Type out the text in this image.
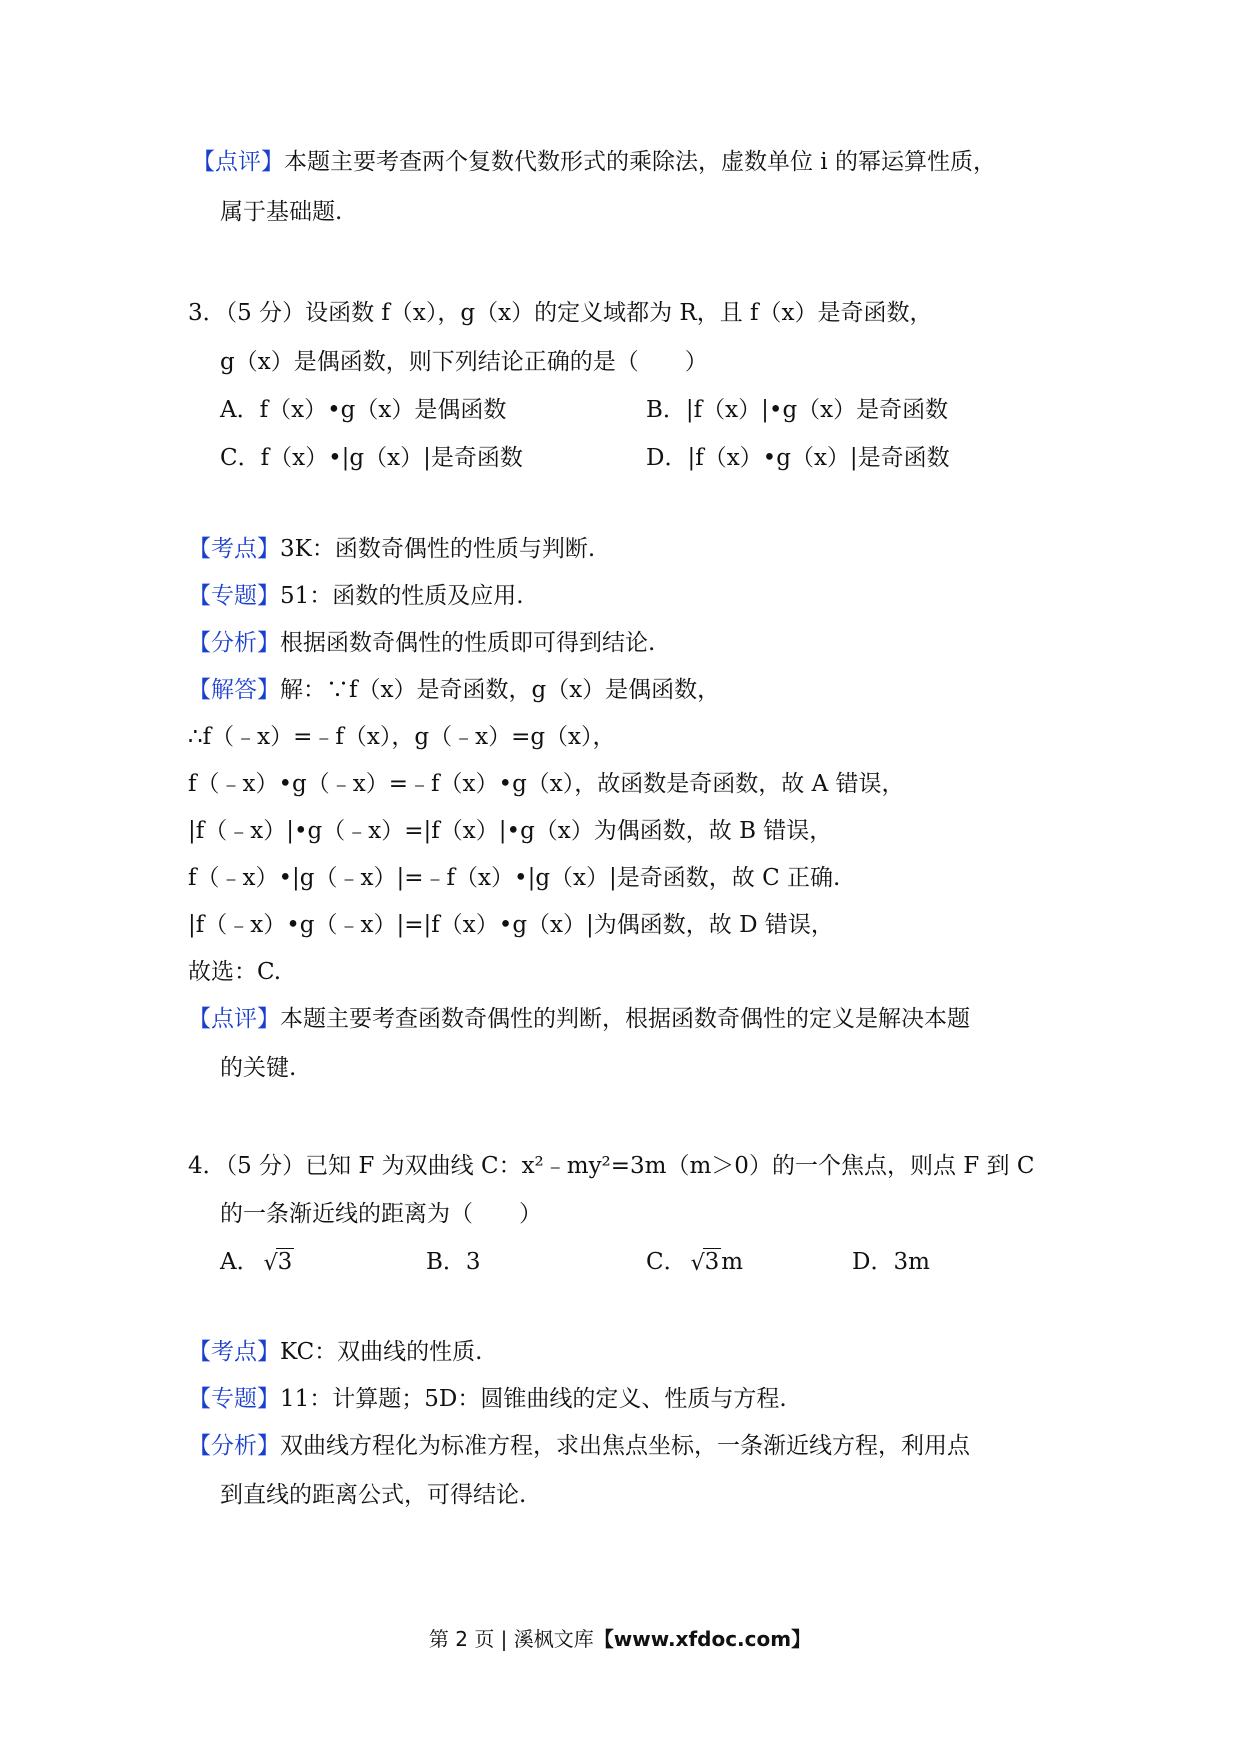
【点评】本题主要考查两个复数代数形式的乘除法，虚数单位 i 的幂运算性质，
属于基础题.
3．（5 分）设函数 f（x），g（x）的定义域都为 R，且 f（x）是奇函数，
g（x）是偶函数，则下列结论正确的是（　　）
A．f（x）•g（x）是偶函数	B．|f（x）|•g（x）是奇函数
C．f（x）•|g（x）|是奇函数	D．|f（x）•g（x）|是奇函数
【考点】3K：函数奇偶性的性质与判断.
【专题】51：函数的性质及应用.
【分析】根据函数奇偶性的性质即可得到结论.
【解答】解：∵f（x）是奇函数，g（x）是偶函数，
∴f（﹣x）=﹣f（x），g（﹣x）=g（x），
f（﹣x）•g（﹣x）=﹣f（x）•g（x），故函数是奇函数，故 A 错误，
|f（﹣x）|•g（﹣x）=|f（x）|•g（x）为偶函数，故 B 错误，
f（﹣x）•|g（﹣x）|=﹣f（x）•|g（x）|是奇函数，故 C 正确.
|f（﹣x）•g（﹣x）|=|f（x）•g（x）|为偶函数，故 D 错误，
故选：C.
【点评】本题主要考查函数奇偶性的判断，根据函数奇偶性的定义是解决本题
的关键.
4．（5 分）已知 F 为双曲线 C：x²﹣my²=3m（m＞0）的一个焦点，则点 F 到 C
的一条渐近线的距离为（　　）
A． √ 3	B．3	C． √ 3m	D．3m
【考点】KC：双曲线的性质.
【专题】11：计算题；5D：圆锥曲线的定义、性质与方程.
【分析】双曲线方程化为标准方程，求出焦点坐标，一条渐近线方程，利用点
到直线的距离公式，可得结论.
第 2 页 | 溪枫文库【www.xfdoc.com】
